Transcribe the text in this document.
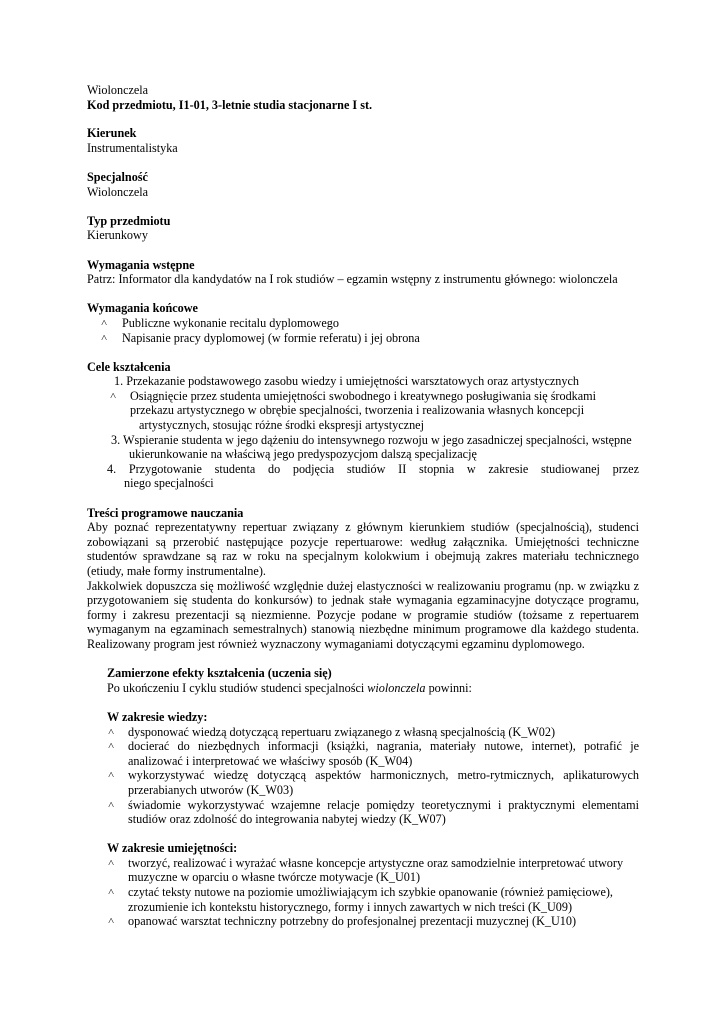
Wiolonczela
Kod przedmiotu, I1-01, 3-letnie studia stacjonarne I st.
Kierunek
Instrumentalistyka
Specjalność
Wiolonczela
Typ przedmiotu
Kierunkowy
Wymagania wstępne
Patrz: Informator dla kandydatów na I rok studiów – egzamin wstępny z instrumentu głównego: wiolonczela
Wymagania końcowe
˄ Publiczne wykonanie recitalu dyplomowego
˄ Napisanie pracy dyplomowej (w formie referatu) i jej obrona
Cele kształcenia
1. Przekazanie podstawowego zasobu wiedzy i umiejętności warsztatowych oraz artystycznych
˄ Osiągnięcie przez studenta umiejętności swobodnego i kreatywnego posługiwania się środkami
przekazu artystycznego w obrębie specjalności, tworzenia i realizowania własnych koncepcji
artystycznych, stosując różne środki ekspresji artystycznej
3. Wspieranie studenta w jego dążeniu do intensywnego rozwoju w jego zasadniczej specjalności, wstępne
ukierunkowanie na właściwą jego predyspozycjom dalszą specjalizację
4. Przygotowanie studenta do podjęcia studiów II stopnia w zakresie studiowanej przez
niego specjalności
Treści programowe nauczania
Aby poznać reprezentatywny repertuar związany z głównym kierunkiem studiów (specjalnością), studenci
zobowiązani są przerobić następujące pozycje repertuarowe: według załącznika. Umiejętności techniczne
studentów sprawdzane są raz w roku na specjalnym kolokwium i obejmują zakres materiału technicznego
(etiudy, małe formy instrumentalne).
Jakkolwiek dopuszcza się możliwość względnie dużej elastyczności w realizowaniu programu (np. w związku z
przygotowaniem się studenta do konkursów) to jednak stałe wymagania egzaminacyjne dotyczące programu,
formy i zakresu prezentacji są niezmienne. Pozycje podane w programie studiów (tożsame z repertuarem
wymaganym na egzaminach semestralnych) stanowią niezbędne minimum programowe dla każdego studenta.
Realizowany program jest również wyznaczony wymaganiami dotyczącymi egzaminu dyplomowego.
Zamierzone efekty kształcenia (uczenia się)
Po ukończeniu I cyklu studiów studenci specjalności wiolonczela powinni:
W zakresie wiedzy:
˄ dysponować wiedzą dotyczącą repertuaru związanego z własną specjalnością (K_W02)
˄ docierać do niezbędnych informacji (książki, nagrania, materiały nutowe, internet), potrafić je
analizować i interpretować we właściwy sposób (K_W04)
˄ wykorzystywać wiedzę dotyczącą aspektów harmonicznych, metro-rytmicznych, aplikaturowych
przerabianych utworów (K_W03)
˄ świadomie wykorzystywać wzajemne relacje pomiędzy teoretycznymi i praktycznymi elementami
studiów oraz zdolność do integrowania nabytej wiedzy (K_W07)
W zakresie umiejętności:
˄ tworzyć, realizować i wyrażać własne koncepcje artystyczne oraz samodzielnie interpretować utwory
muzyczne w oparciu o własne twórcze motywacje (K_U01)
˄ czytać teksty nutowe na poziomie umożliwiającym ich szybkie opanowanie (również pamięciowe),
zrozumienie ich kontekstu historycznego, formy i innych zawartych w nich treści (K_U09)
˄ opanować warsztat techniczny potrzebny do profesjonalnej prezentacji muzycznej (K_U10)
